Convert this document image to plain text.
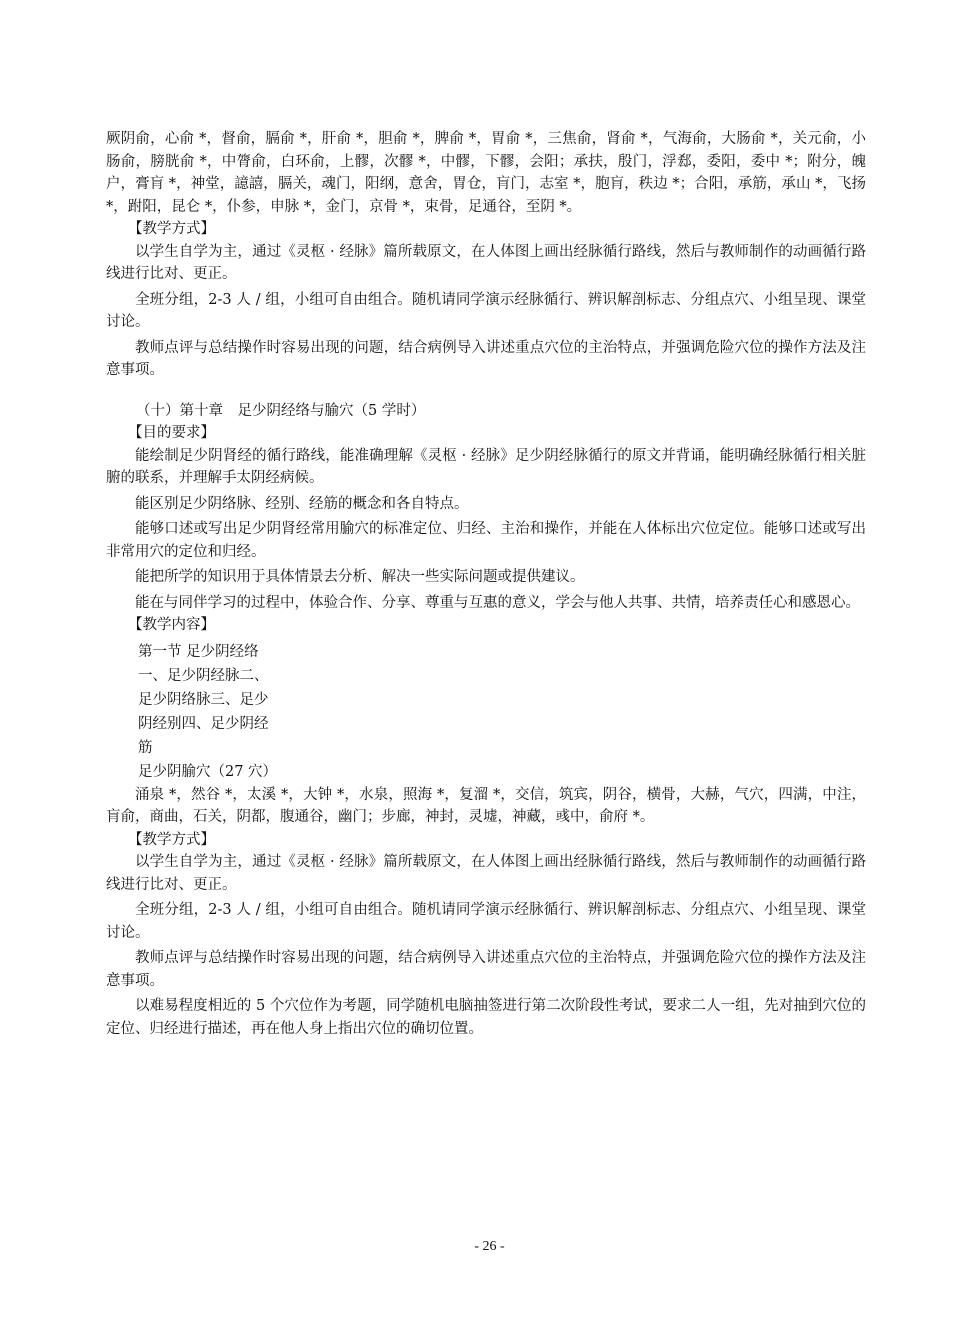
厥阴俞，心俞 *，督俞，膈俞 *，肝俞 *，胆俞 *，脾俞 *，胃俞 *，三焦俞，肾俞 *，气海俞，大肠俞 *，关元俞，小肠俞，膀胱俞 *，中膂俞，白环俞，上髎，次髎 *，中髎，下髎，会阳；承扶，殷门，浮郄，委阳，委中 *；附分，魄户，膏肓 *，神堂，譩譆，膈关，魂门，阳纲，意舍，胃仓，肓门，志室 *，胞肓，秩边 *；合阳，承筋，承山 *，飞扬 *，跗阳，昆仑 *，仆参，申脉 *，金门，京骨 *，束骨，足通谷，至阴 *。

【教学方式】

以学生自学为主，通过《灵枢 · 经脉》篇所载原文，在人体图上画出经脉循行路线，然后与教师制作的动画循行路线进行比对、更正。

全班分组，2-3 人 / 组，小组可自由组合。随机请同学演示经脉循行、辨识解剖标志、分组点穴、小组呈现、课堂讨论。

教师点评与总结操作时容易出现的问题，结合病例导入讲述重点穴位的主治特点，并强调危险穴位的操作方法及注意事项。

（十）第十章　足少阴经络与腧穴（5 学时）

【目的要求】

能绘制足少阴肾经的循行路线，能准确理解《灵枢 · 经脉》足少阴经脉循行的原文并背诵，能明确经脉循行相关脏腑的联系，并理解手太阴经病候。

能区别足少阴络脉、经别、经筋的概念和各自特点。

能够口述或写出足少阴肾经常用腧穴的标准定位、归经、主治和操作，并能在人体标出穴位定位。能够口述或写出非常用穴的定位和归经。

能把所学的知识用于具体情景去分析、解决一些实际问题或提供建议。

能在与同伴学习的过程中，体验合作、分享、尊重与互惠的意义，学会与他人共事、共情，培养责任心和感恩心。

【教学内容】

第一节 足少阴经络

一、足少阴经脉二、

足少阴络脉三、足少

阴经别四、足少阴经

筋

足少阴腧穴（27 穴）

涌泉 *，然谷 *，太溪 *，大钟 *，水泉，照海 *，复溜 *，交信，筑宾，阴谷，横骨，大赫，气穴，四满，中注，肓俞，商曲，石关，阴都，腹通谷，幽门；步廊，神封，灵墟，神藏，彧中，俞府 *。

【教学方式】

以学生自学为主，通过《灵枢 · 经脉》篇所载原文，在人体图上画出经脉循行路线，然后与教师制作的动画循行路线进行比对、更正。

全班分组，2-3 人 / 组，小组可自由组合。随机请同学演示经脉循行、辨识解剖标志、分组点穴、小组呈现、课堂讨论。

教师点评与总结操作时容易出现的问题，结合病例导入讲述重点穴位的主治特点，并强调危险穴位的操作方法及注意事项。

以难易程度相近的 5 个穴位作为考题，同学随机电脑抽签进行第二次阶段性考试，要求二人一组，先对抽到穴位的定位、归经进行描述，再在他人身上指出穴位的确切位置。

- 26 -
